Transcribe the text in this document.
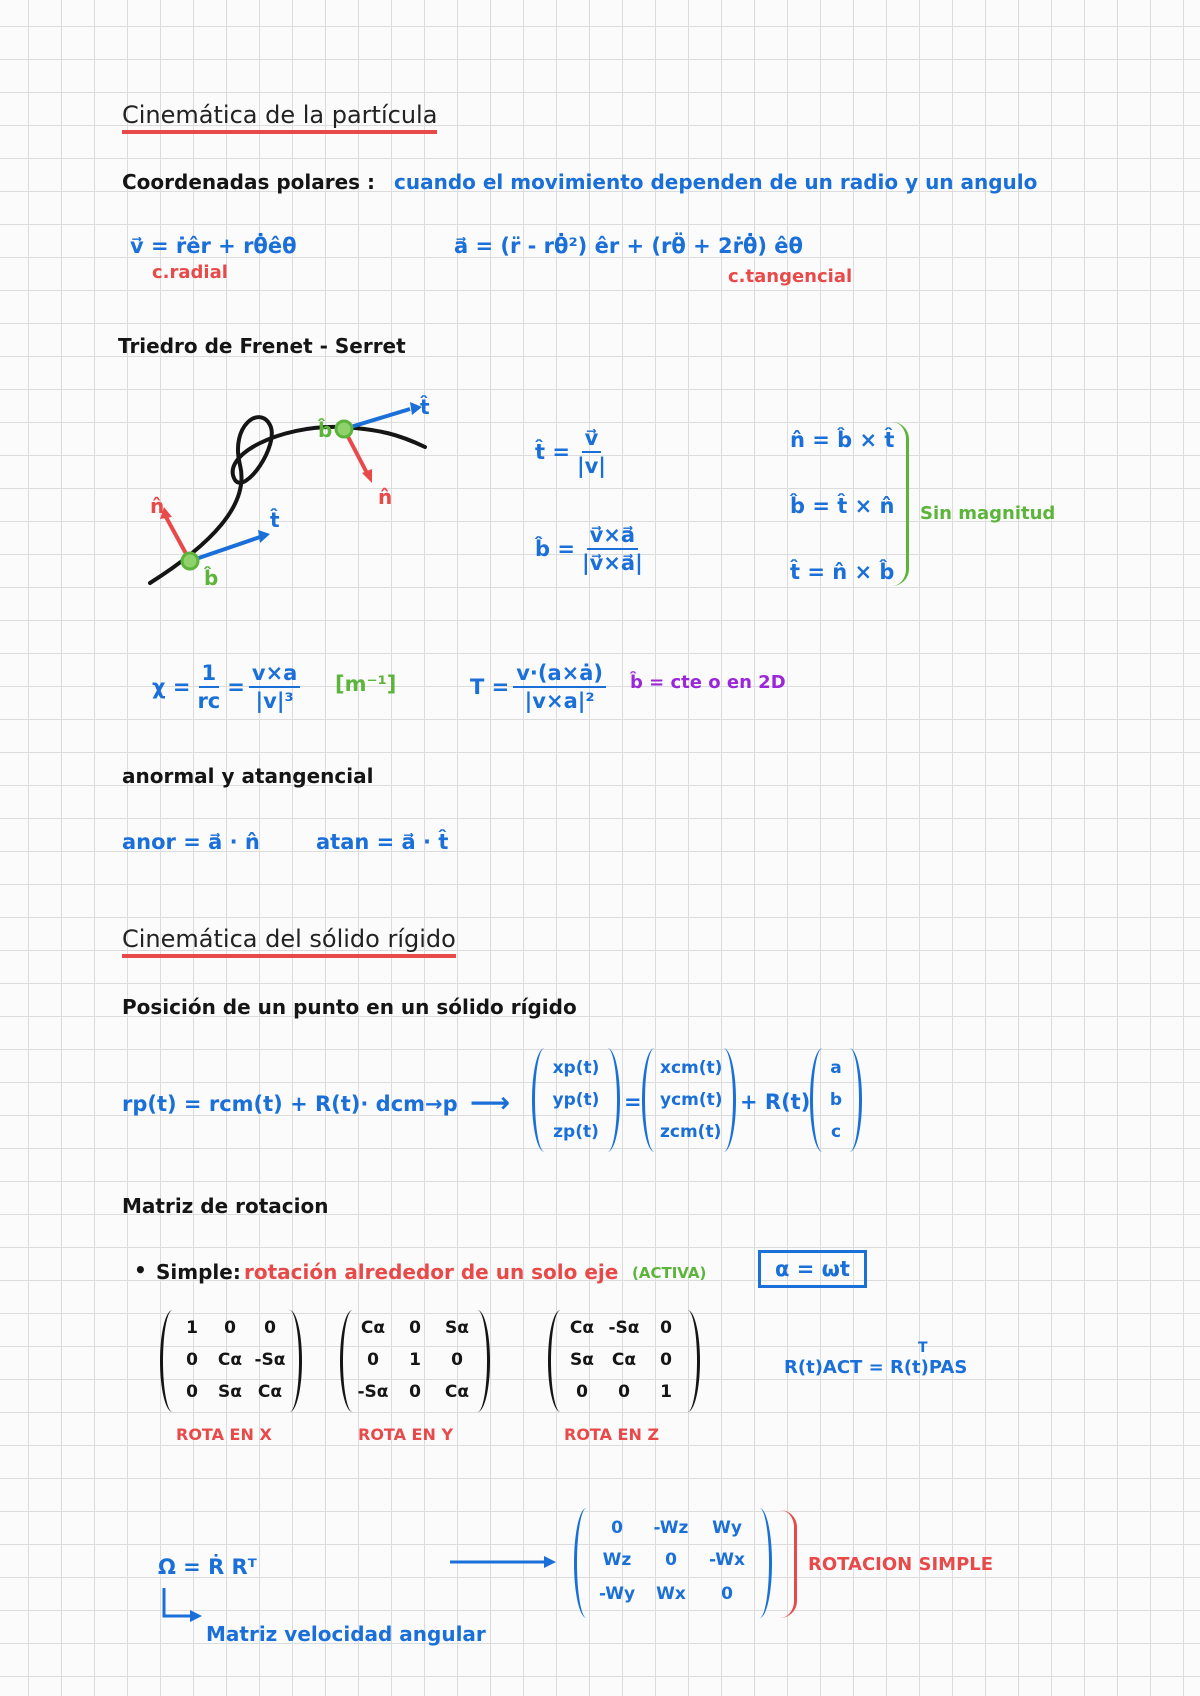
Cinemática de la partícula
Coordenadas polares : cuando el movimiento dependen de un radio y un angulo
v⃗ = ṙêr + rθ̇êθ
c.radial
a⃗ = (r̈ - rθ̇²) êr + (rθ̈ + 2ṙθ̇) êθ
c.tangencial
Triedro de Frenet - Serret
t̂
n̂
b̂
t̂
n̂
b̂
t̂ = $\frac{v⃗}{|v|}$
b̂ = $\frac{v⃗\times a⃗}{|v⃗\times a⃗|}$
n̂ = b̂ × t̂
b̂ = t̂ × n̂
t̂ = n̂ × b̂
Sin magnitud
$\chi = \frac{1}{rc} = \frac{v\times a}{\text{|v|³}} [m^{-1}]$	$T = \frac{v\cdot(a\times ȧ)}{\text{|v×a|²}}$ b̂ = cte o en 2D
anormal y atangencial
anor = a⃗ · n̂	atan = a⃗ · t̂
Cinemática del sólido rígido
Posición de un punto en un sólido rígido
rp(t) = rcm(t) + R(t)· dcm→p ⟶
xp(t)
yp(t)
zp(t)
=
xcm(t)
ycm(t)
zcm(t)
+ R(t)
a
b
c
Matriz de rotacion
• Simple: rotación alrededor de un solo eje (ACTIVA)	α = ωt
1	0	0
0	Cα -Sα
0	Sα Cα
ROTA EN X
Cα	0	Sα
0	1	0
-Sα	0	Cα
ROTA EN Y
Cα -Sα	0
Sα	Cα	0
0	0	1
ROTA EN Z
R(t)ACT = R(t)PAS
T
Ω = Ṙ Rᵀ
0	-Wz	Wy
Wz	0	-Wx
-Wy	Wx	0
ROTACION SIMPLE
Matriz velocidad angular
